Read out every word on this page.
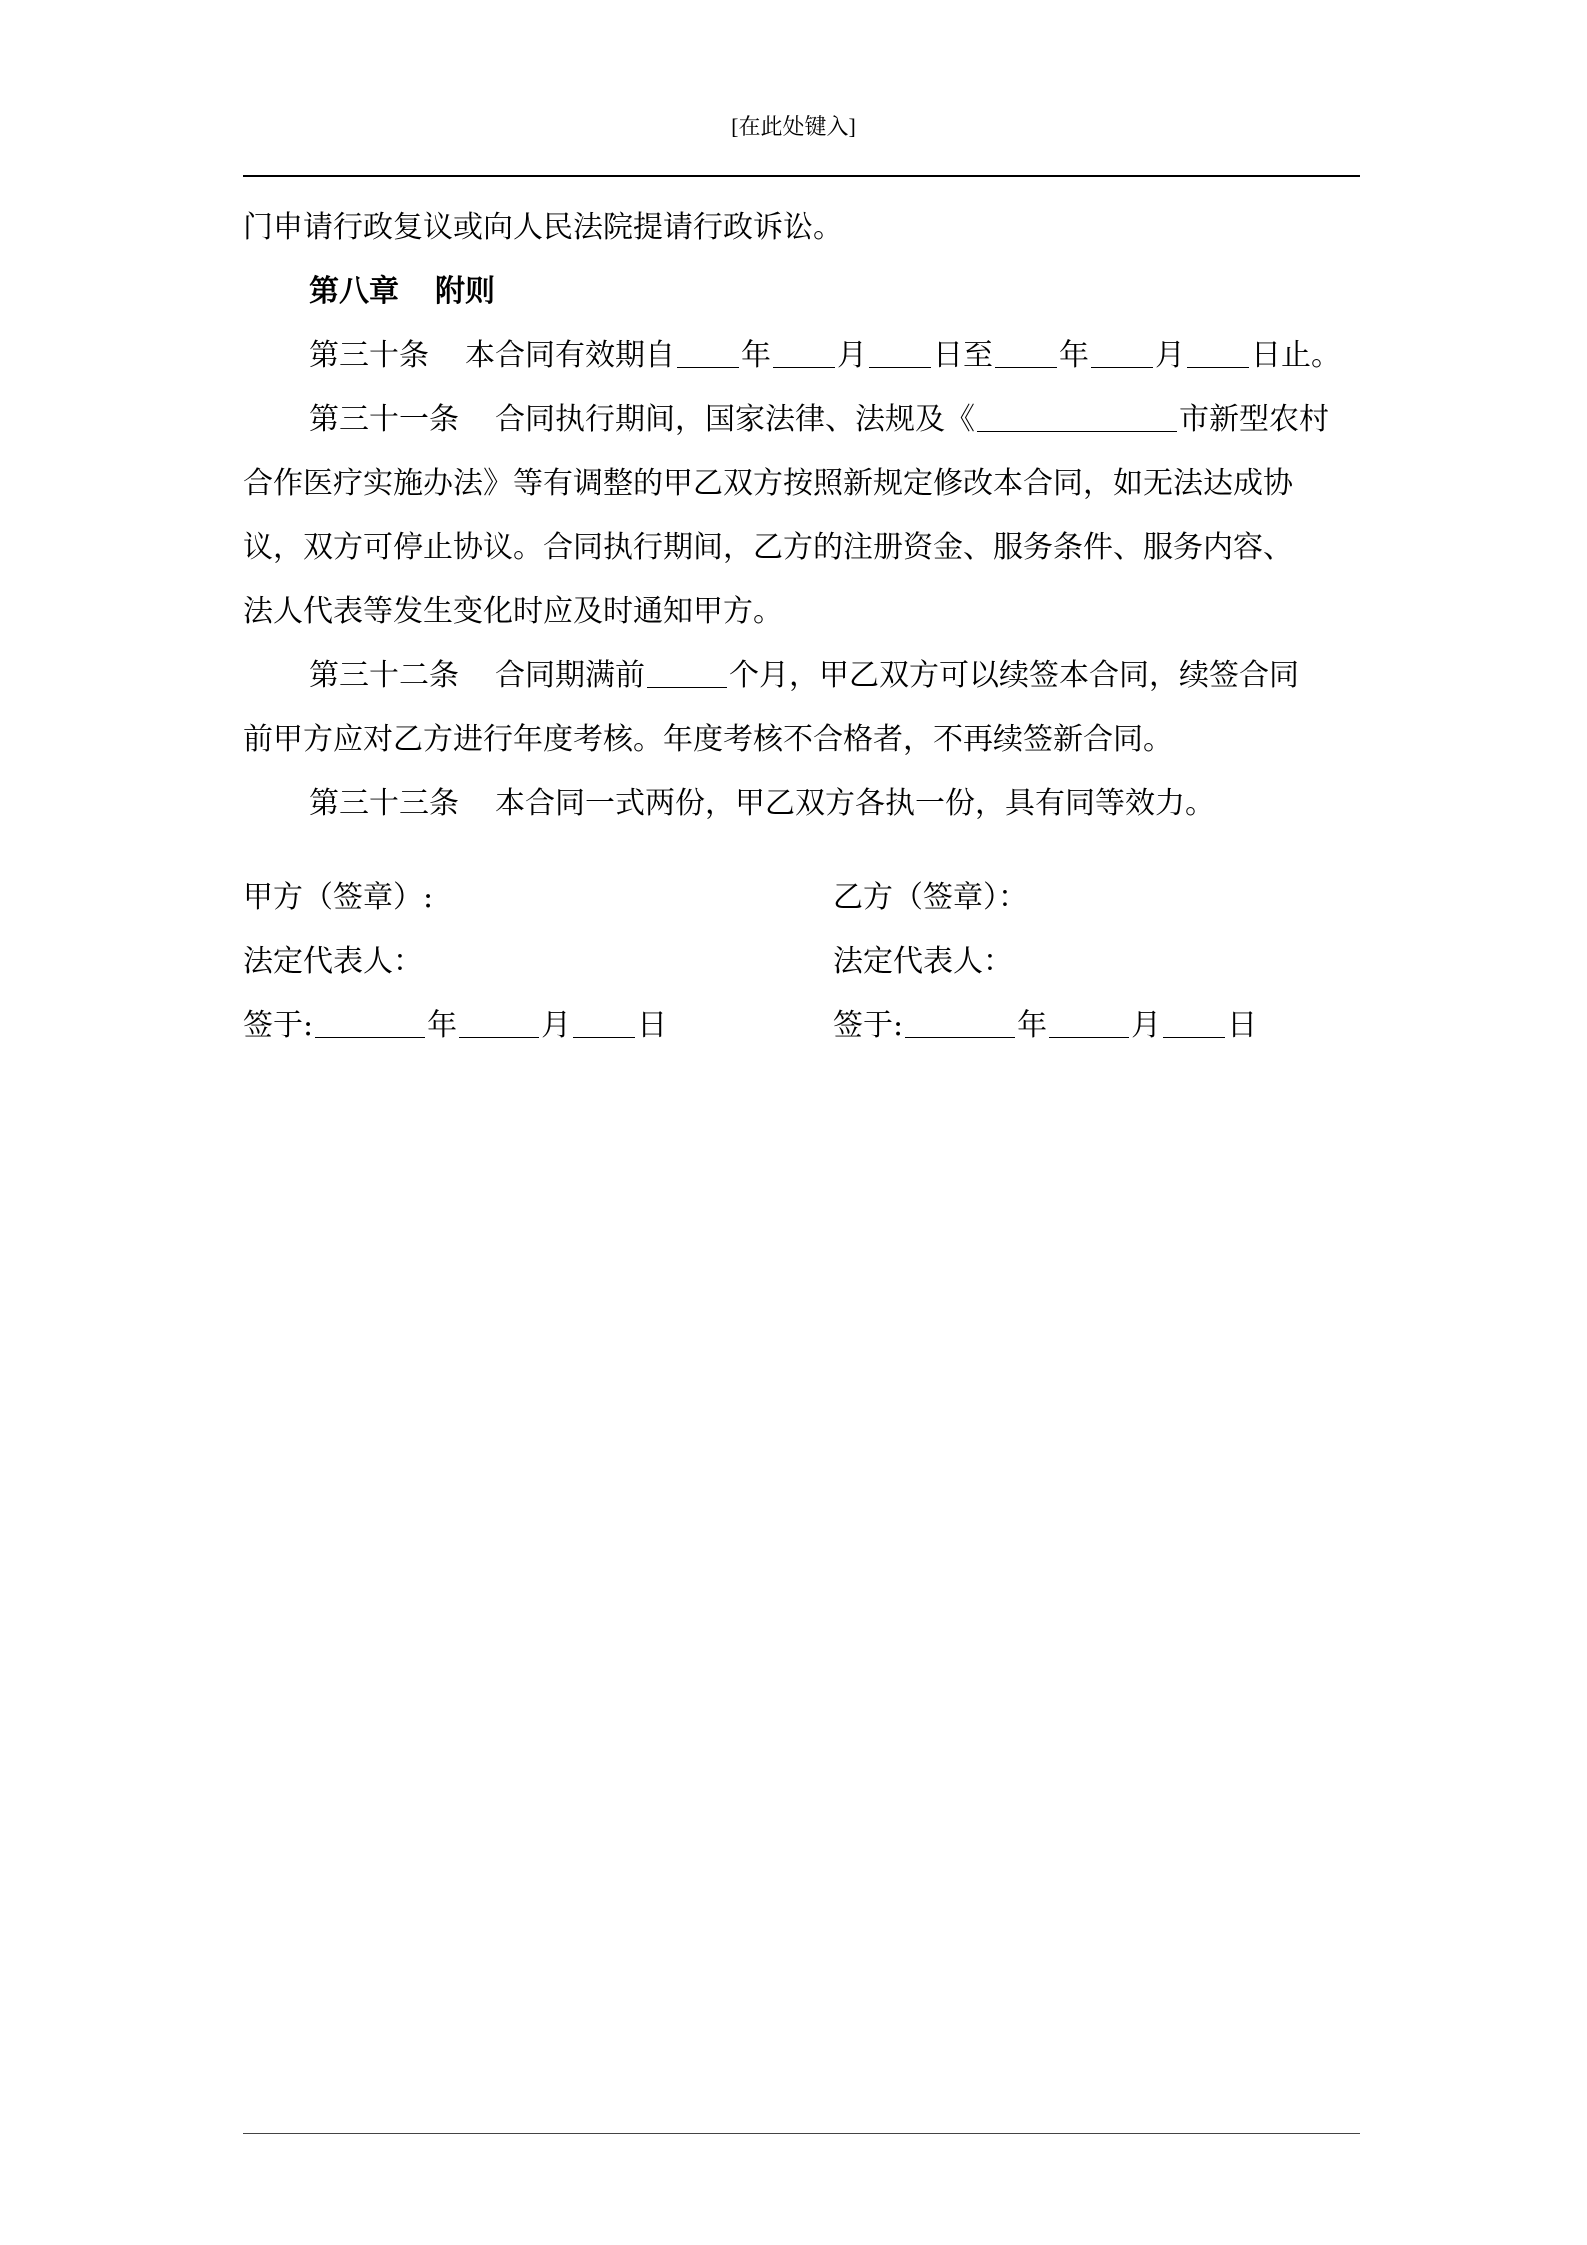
[在此处键入]
门申请行政复议或向人民法院提请行政诉讼。
第八章 附则
第三十条 本合同有效期自 年 月 日至 年 月 日止。
第三十一条 合同执行期间，国家法律、法规及《	市新型农村
合作医疗实施办法》等有调整的甲乙双方按照新规定修改本合同，如无法达成协
议，双方可停止协议。合同执行期间，乙方的注册资金、服务条件、服务内容、
法人代表等发生变化时应及时通知甲方。
第三十二条 合同期满前	个月，甲乙双方可以续签本合同，续签合同
前甲方应对乙方进行年度考核。年度考核不合格者，不再续签新合同。
第三十三条 本合同一式两份，甲乙双方各执一份，具有同等效力。
甲方（签章）:	乙方（签章）：
法定代表人：	法定代表人：
签于:	年	月 日	签于:	年	月 日
